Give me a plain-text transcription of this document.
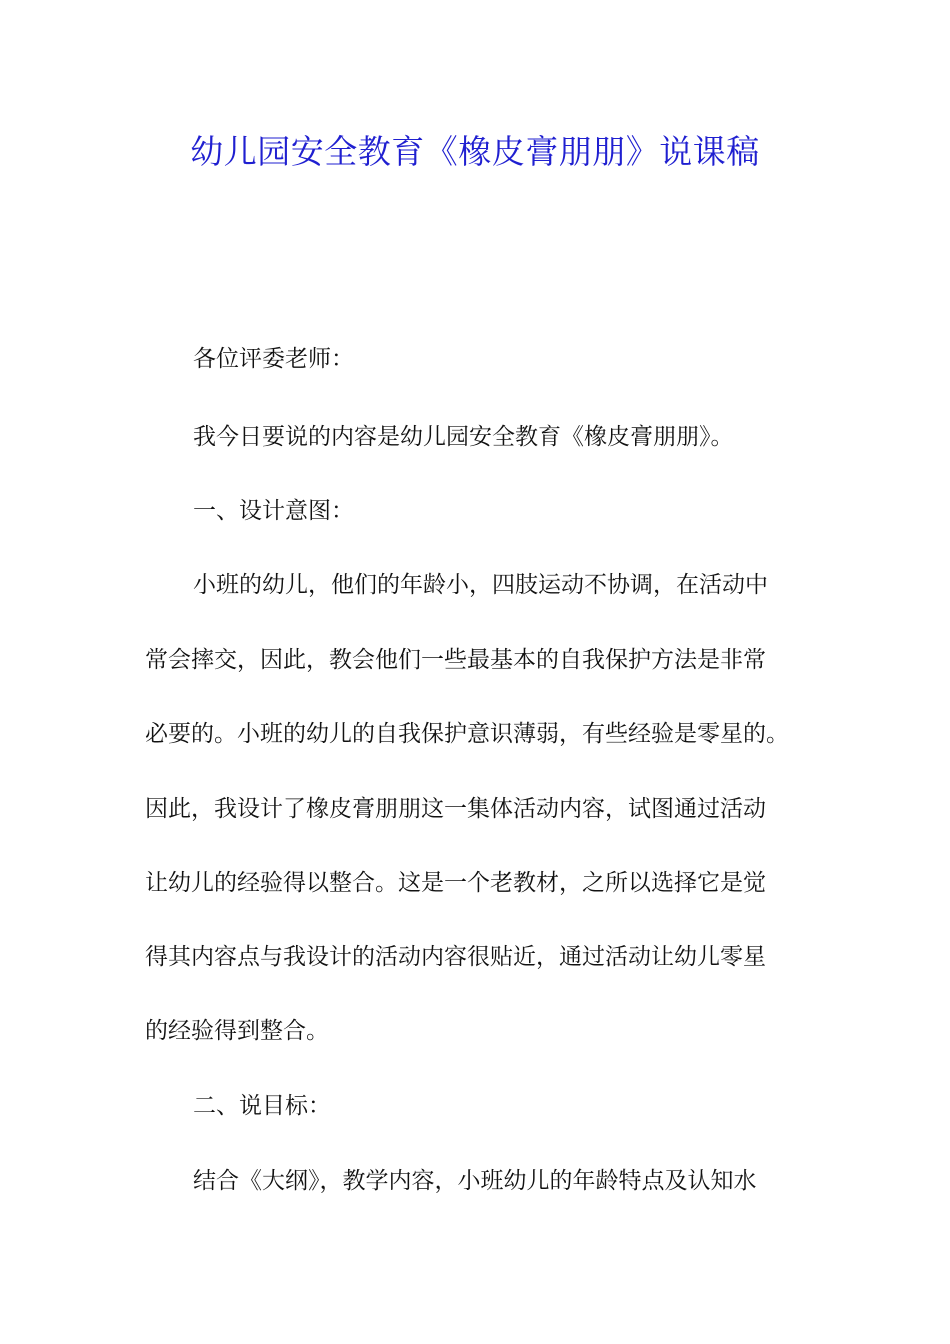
幼儿园安全教育《橡皮膏朋朋》说课稿

各位评委老师：

我今日要说的内容是幼儿园安全教育《橡皮膏朋朋》。

一、设计意图：

小班的幼儿，他们的年龄小，四肢运动不协调，在活动中

常会摔交，因此，教会他们一些最基本的自我保护方法是非常

必要的。小班的幼儿的自我保护意识薄弱，有些经验是零星的。

因此，我设计了橡皮膏朋朋这一集体活动内容，试图通过活动

让幼儿的经验得以整合。这是一个老教材，之所以选择它是觉

得其内容点与我设计的活动内容很贴近，通过活动让幼儿零星

的经验得到整合。

二、说目标：

结合《大纲》，教学内容，小班幼儿的年龄特点及认知水
